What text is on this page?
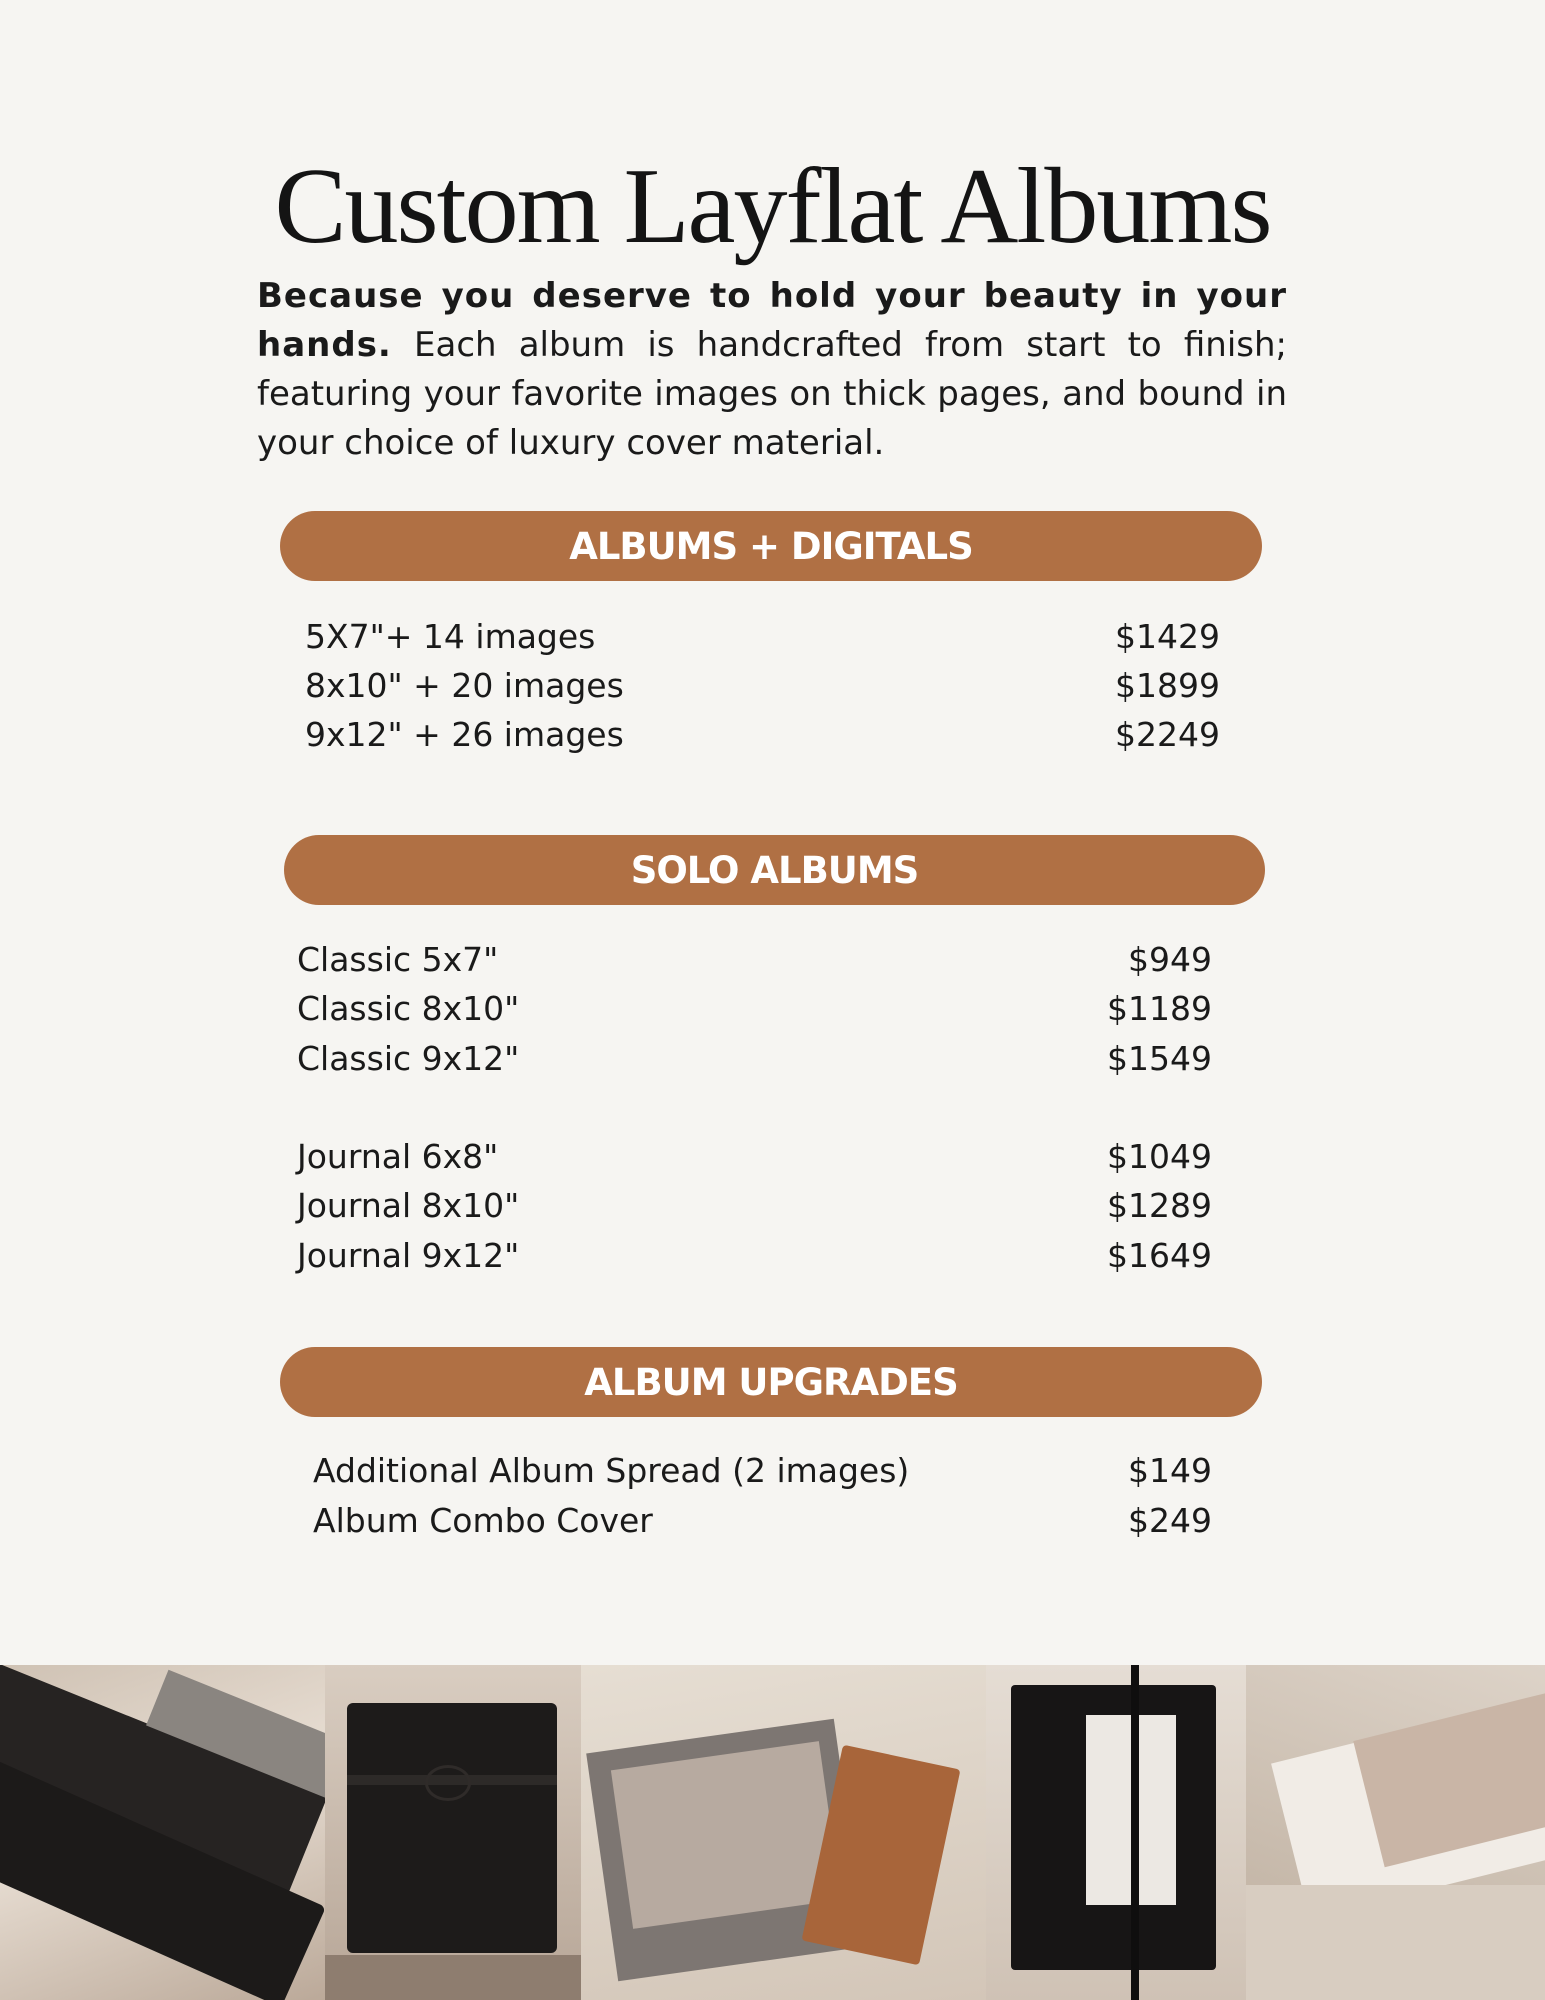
Custom Layflat Albums

Because you deserve to hold your beauty in your hands. Each album is handcrafted from start to finish; featuring your favorite images on thick pages, and bound in your choice of luxury cover material.

ALBUMS + DIGITALS
5X7"+ 14 images	$1429
8x10" + 20 images	$1899
9x12" + 26 images	$2249
SOLO ALBUMS
Classic 5x7"	$949
Classic 8x10"	$1189
Classic 9x12"	$1549
Journal 6x8"	$1049
Journal 8x10"	$1289
Journal 9x12"	$1649
ALBUM UPGRADES
Additional Album Spread (2 images)	$149
Album Combo Cover	$249
